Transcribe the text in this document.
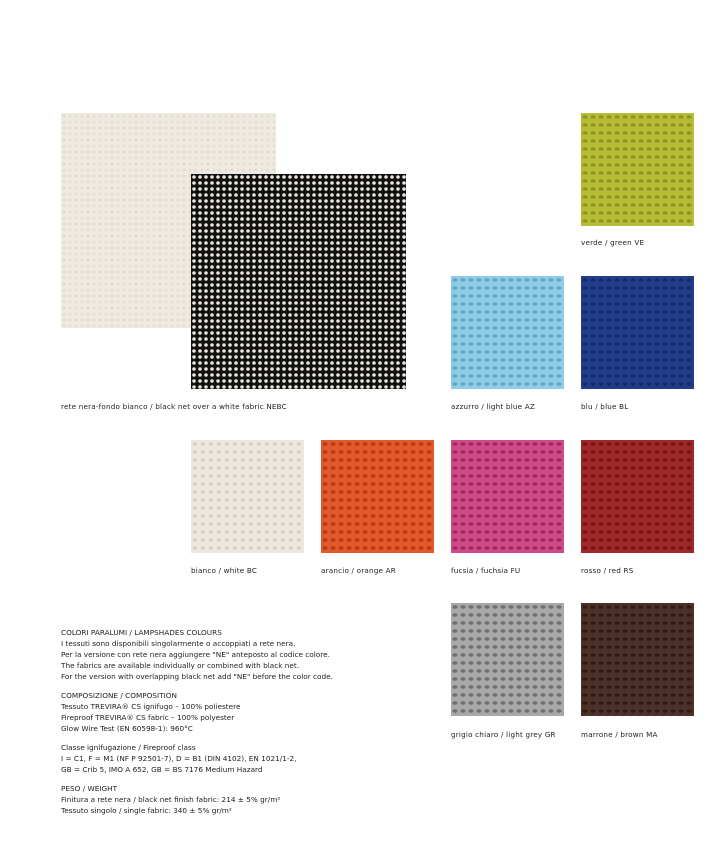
rete nera-fondo bianco / black net over a white fabric NEBC
verde / green VE
azzurro / light blue AZ	blu / blue BL
bianco / white BC	arancio / orange AR	fucsia / fuchsia FU	rosso / red RS
grigio chiaro / light grey GR	marrone / brown MA

COLORI PARALUMI / LAMPSHADES COLOURS

I tessuti sono disponibili singolarmente o accoppiati a rete nera.

Per la versione con rete nera aggiungere "NE" anteposto al codice colore.

The fabrics are available individually or combined with black net.

For the version with overlapping black net add "NE" before the color code.

COMPOSIZIONE / COMPOSITION

Tessuto TREVIRA® CS ignifugo – 100% poliestere

Fireproof TREVIRA® CS fabric – 100% polyester

Glow Wire Test (EN 60598-1): 960°C

Classe ignifugazione / Fireproof class

I = C1, F = M1 (NF P 92501-7), D = B1 (DIN 4102), EN 1021/1-2,

GB = Crib 5, IMO A 652, GB = BS 7176 Medium Hazard

PESO / WEIGHT

Finitura a rete nera / black net finish fabric: 214 ± 5% gr/m²

Tessuto singolo / single fabric: 340 ± 5% gr/m²
